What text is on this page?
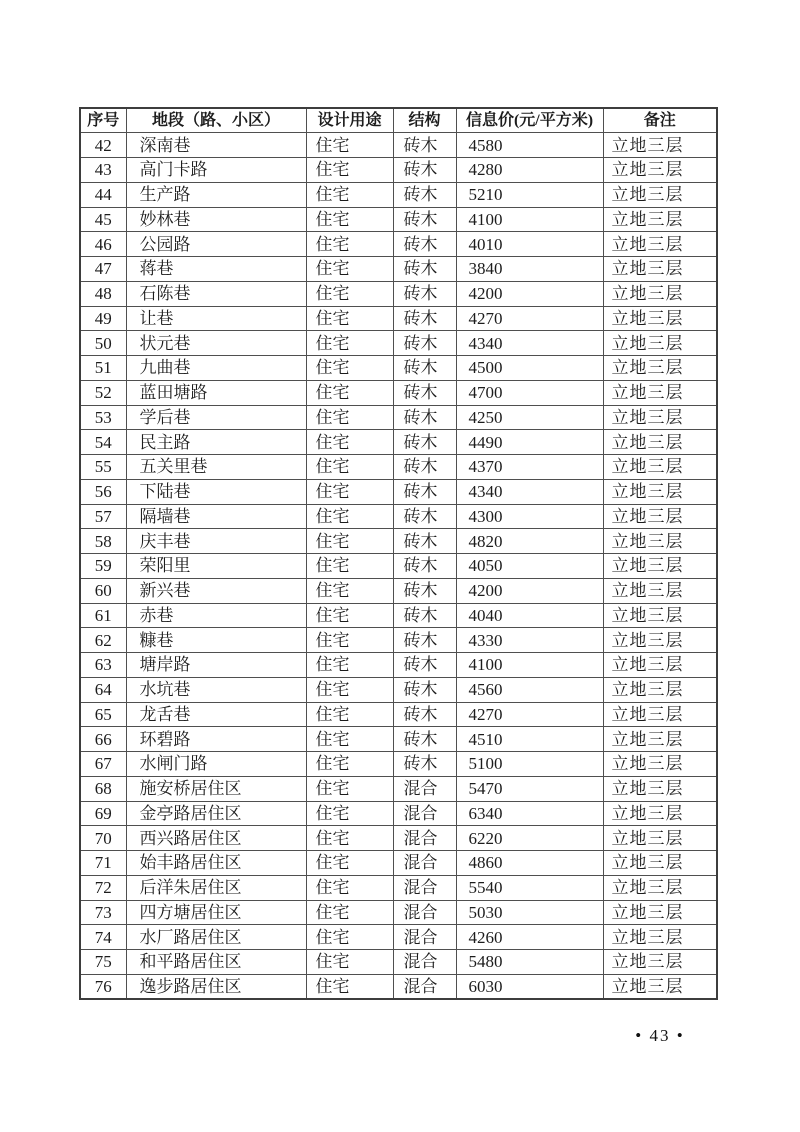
序号	地段（路、小区）	设计用途	结构	信息价(元/平方米)	备注
42	深南巷	住宅	砖木	4580	立地三层
43	高门卡路	住宅	砖木	4280	立地三层
44	生产路	住宅	砖木	5210	立地三层
45	妙林巷	住宅	砖木	4100	立地三层
46	公园路	住宅	砖木	4010	立地三层
47	蒋巷	住宅	砖木	3840	立地三层
48	石陈巷	住宅	砖木	4200	立地三层
49	让巷	住宅	砖木	4270	立地三层
50	状元巷	住宅	砖木	4340	立地三层
51	九曲巷	住宅	砖木	4500	立地三层
52	蓝田塘路	住宅	砖木	4700	立地三层
53	学后巷	住宅	砖木	4250	立地三层
54	民主路	住宅	砖木	4490	立地三层
55	五关里巷	住宅	砖木	4370	立地三层
56	下陆巷	住宅	砖木	4340	立地三层
57	隔墙巷	住宅	砖木	4300	立地三层
58	庆丰巷	住宅	砖木	4820	立地三层
59	荣阳里	住宅	砖木	4050	立地三层
60	新兴巷	住宅	砖木	4200	立地三层
61	赤巷	住宅	砖木	4040	立地三层
62	糠巷	住宅	砖木	4330	立地三层
63	塘岸路	住宅	砖木	4100	立地三层
64	水坑巷	住宅	砖木	4560	立地三层
65	龙舌巷	住宅	砖木	4270	立地三层
66	环碧路	住宅	砖木	4510	立地三层
67	水闸门路	住宅	砖木	5100	立地三层
68	施安桥居住区	住宅	混合	5470	立地三层
69	金亭路居住区	住宅	混合	6340	立地三层
70	西兴路居住区	住宅	混合	6220	立地三层
71	始丰路居住区	住宅	混合	4860	立地三层
72	后洋朱居住区	住宅	混合	5540	立地三层
73	四方塘居住区	住宅	混合	5030	立地三层
74	水厂路居住区	住宅	混合	4260	立地三层
75	和平路居住区	住宅	混合	5480	立地三层
76	逸步路居住区	住宅	混合	6030	立地三层
• 43 •
